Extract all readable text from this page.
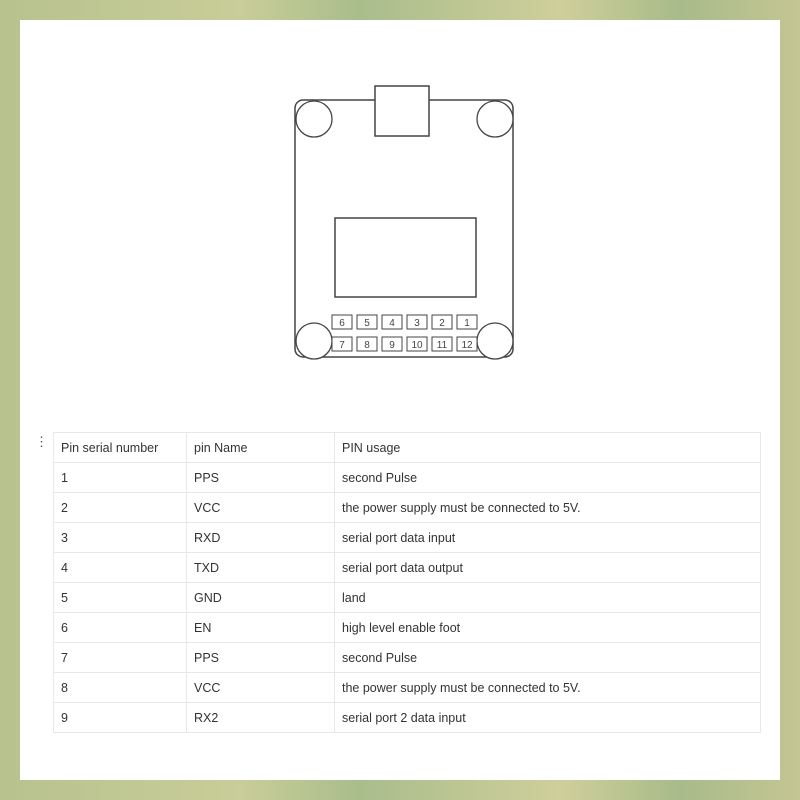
6 5 4 3 2 1
7 8 9 10 11 12
⋮ Pin serial number	pin Name	PIN usage
1	PPS	second Pulse
2	VCC	the power supply must be connected to 5V.
3	RXD	serial port data input
4	TXD	serial port data output
5	GND	land
6	EN	high level enable foot
7	PPS	second Pulse
8	VCC	the power supply must be connected to 5V.
9	RX2	serial port 2 data input
